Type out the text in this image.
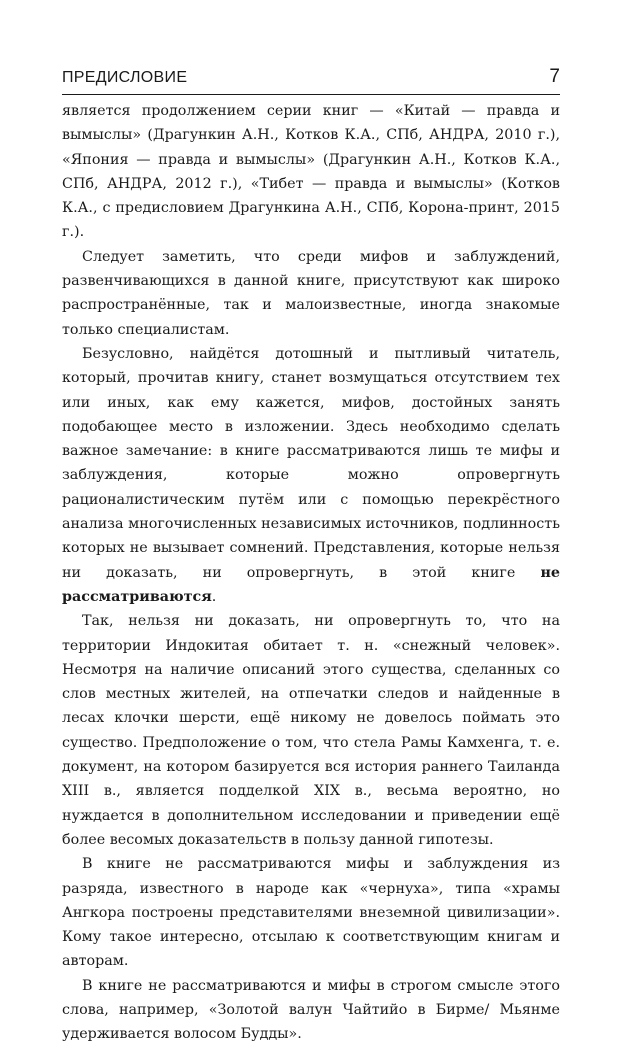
ПРЕДИСЛОВИЕ	7

является продолжением серии книг — «Китай — правда и вымыслы» (Драгункин А.Н., Котков К.А., СПб, АНДРА, 2010 г.), «Япония — правда и вымыслы» (Драгункин А.Н., Котков К.А., СПб, АНДРА, 2012 г.), «Тибет — правда и вымыслы» (Котков К.А., с предисловием Драгункина А.Н., СПб, Корона-принт, 2015 г.).

Следует заметить, что среди мифов и заблуждений, развенчивающихся в данной книге, присутствуют как широко распространённые, так и малоизвестные, иногда знакомые только специалистам.

Безусловно, найдётся дотошный и пытливый читатель, который, прочитав книгу, станет возмущаться отсутствием тех или иных, как ему кажется, мифов, достойных занять подобающее место в изложении. Здесь необходимо сделать важное замечание: в книге рассматриваются лишь те мифы и заблуждения, которые можно опровергнуть рационалистическим путём или с помощью перекрёстного анализа многочисленных независимых источников, подлинность которых не вызывает сомнений. Представления, которые нельзя ни доказать, ни опровергнуть, в этой книге не рассматриваются.

Так, нельзя ни доказать, ни опровергнуть то, что на территории Индокитая обитает т. н. «снежный человек». Несмотря на наличие описаний этого существа, сделанных со слов местных жителей, на отпечатки следов и найденные в лесах клочки шерсти, ещё никому не довелось поймать это существо. Предположение о том, что стела Рамы Камхенга, т. е. документ, на котором базируется вся история раннего Таиланда XIII в., является подделкой XIX в., весьма вероятно, но нуждается в дополнительном исследовании и приведении ещё более весомых доказательств в пользу данной гипотезы.

В книге не рассматриваются мифы и заблуждения из разряда, известного в народе как «чернуха», типа «храмы Ангкора построены представителями внеземной цивилизации». Кому такое интересно, отсылаю к соответствующим книгам и авторам.

В книге не рассматриваются и мифы в строгом смысле этого слова, например, «Золотой валун Чайтийо в Бирме/ Мьянме удерживается волосом Будды».
